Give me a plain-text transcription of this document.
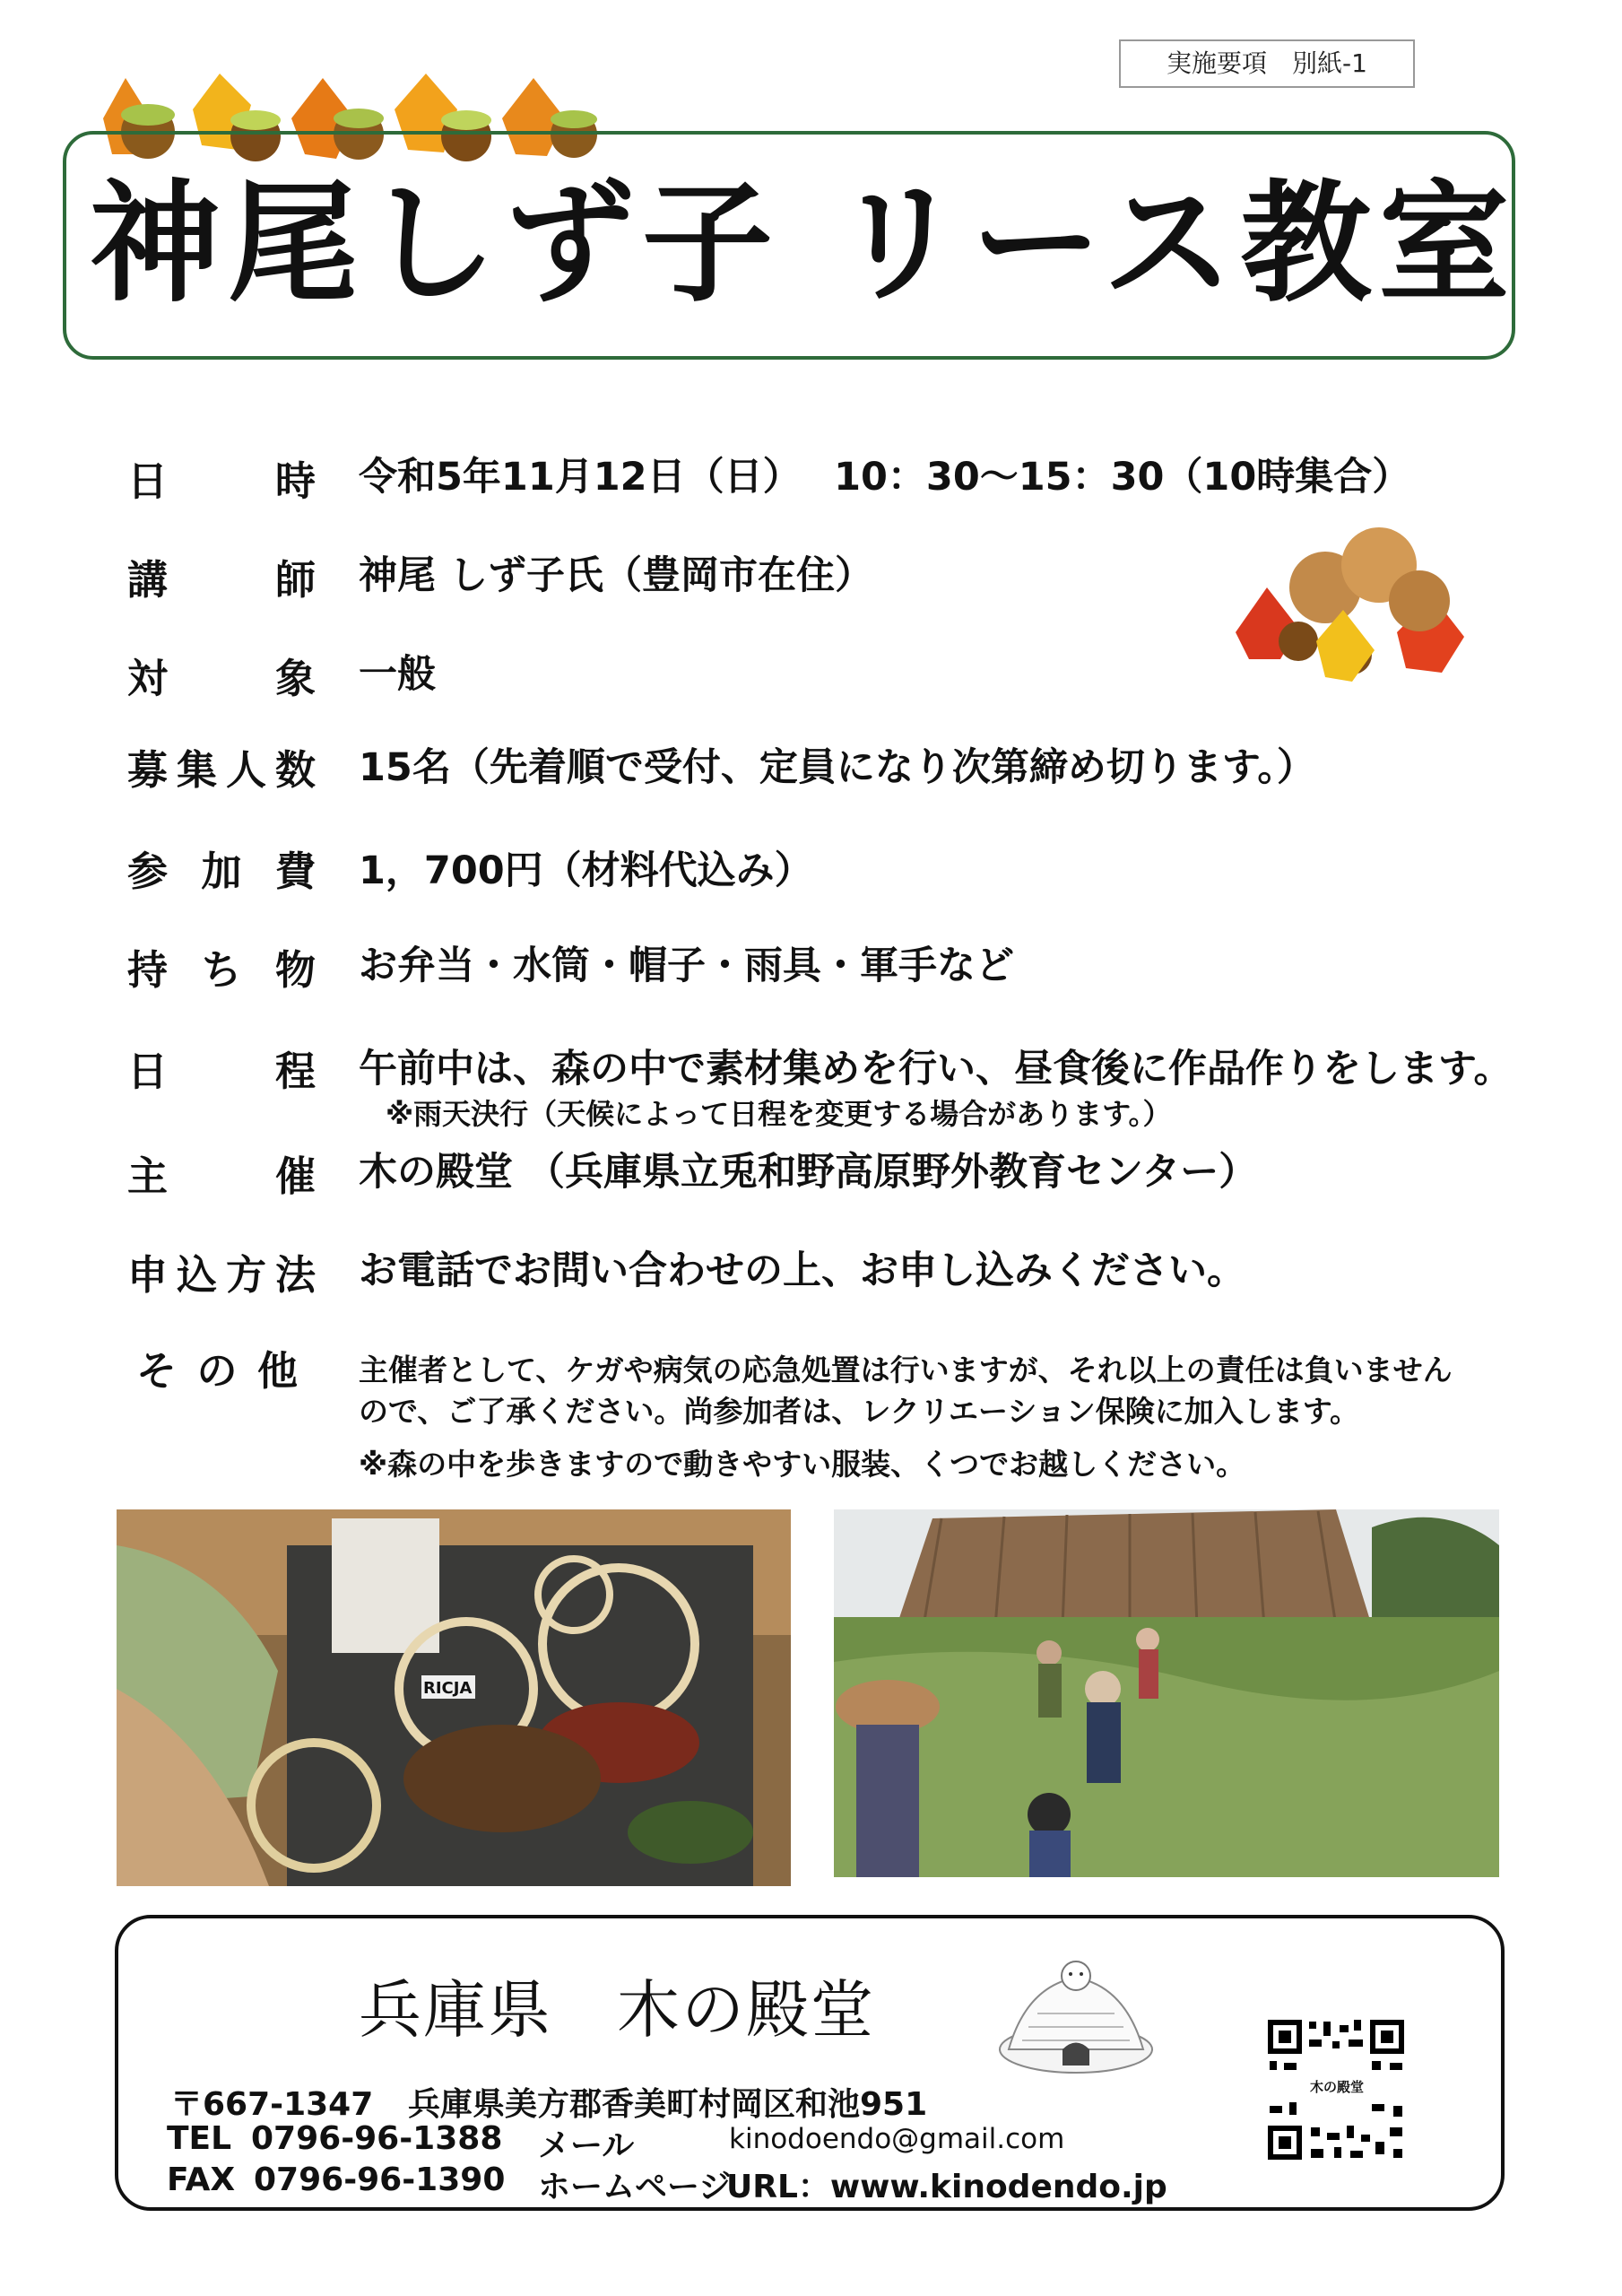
実施要項　別紙-1
神尾しず子 リース教室
日時 令和5年11月12日（日）　 10：30〜15：30（10時集合）
講師 神尾 しず子氏（豊岡市在住）
対象 一般
募集人数 15名（先着順で受付、定員になり次第締め切ります。）
参加費 1，700円（材料代込み）
持ち物 お弁当・水筒・帽子・雨具・軍手など
日程 午前中は、森の中で素材集めを行い、昼食後に作品作りをします。
※雨天決行（天候によって日程を変更する場合があります。）
主催 木の殿堂 （兵庫県立兎和野高原野外教育センター）
申込方法 お電話でお問い合わせの上、お申し込みください。
その他 主催者として、ケガや病気の応急処置は行いますが、それ以上の責任は負いません
ので、ご了承ください。尚参加者は、レクリエーション保険に加入します。
※森の中を歩きますので動きやすい服装、くつでお越しください。
RICJA
兵庫県　木の殿堂
〒667-1347 兵庫県美方郡香美町村岡区和池951
TEL 0796-96-1388 メール	kinodoendo@gmail.com
FAX 0796-96-1390 ホームページ
URL：www.kinodendo.jp
木の殿堂
